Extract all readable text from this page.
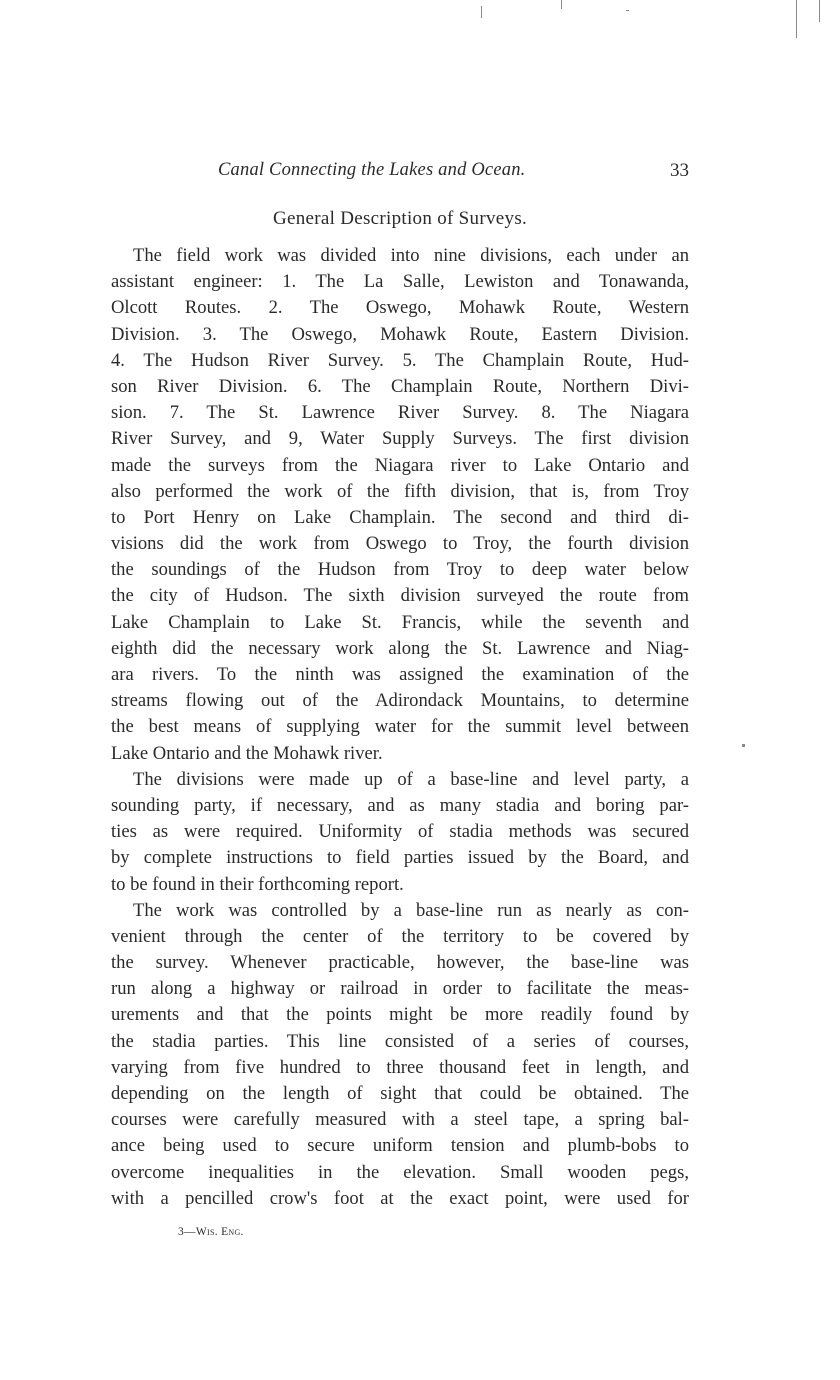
Canal Connecting the Lakes and Ocean.	33
General Description of Surveys.
The field work was divided into nine divisions, each under an
assistant engineer: 1. The La Salle, Lewiston and Tonawanda,
Olcott Routes. 2. The Oswego, Mohawk Route, Western
Division. 3. The Oswego, Mohawk Route, Eastern Division.
4. The Hudson River Survey. 5. The Champlain Route, Hud-
son River Division. 6. The Champlain Route, Northern Divi-
sion. 7. The St. Lawrence River Survey. 8. The Niagara
River Survey, and 9, Water Supply Surveys. The first division
made the surveys from the Niagara river to Lake Ontario and
also performed the work of the fifth division, that is, from Troy
to Port Henry on Lake Champlain. The second and third di-
visions did the work from Oswego to Troy, the fourth division
the soundings of the Hudson from Troy to deep water below
the city of Hudson. The sixth division surveyed the route from
Lake Champlain to Lake St. Francis, while the seventh and
eighth did the necessary work along the St. Lawrence and Niag-
ara rivers. To the ninth was assigned the examination of the
streams flowing out of the Adirondack Mountains, to determine
the best means of supplying water for the summit level between
Lake Ontario and the Mohawk river.
The divisions were made up of a base-line and level party, a
sounding party, if necessary, and as many stadia and boring par-
ties as were required. Uniformity of stadia methods was secured
by complete instructions to field parties issued by the Board, and
to be found in their forthcoming report.
The work was controlled by a base-line run as nearly as con-
venient through the center of the territory to be covered by
the survey. Whenever practicable, however, the base-line was
run along a highway or railroad in order to facilitate the meas-
urements and that the points might be more readily found by
the stadia parties. This line consisted of a series of courses,
varying from five hundred to three thousand feet in length, and
depending on the length of sight that could be obtained. The
courses were carefully measured with a steel tape, a spring bal-
ance being used to secure uniform tension and plumb-bobs to
overcome inequalities in the elevation. Small wooden pegs,
with a pencilled crow's foot at the exact point, were used for
3—Wis. Eng.
